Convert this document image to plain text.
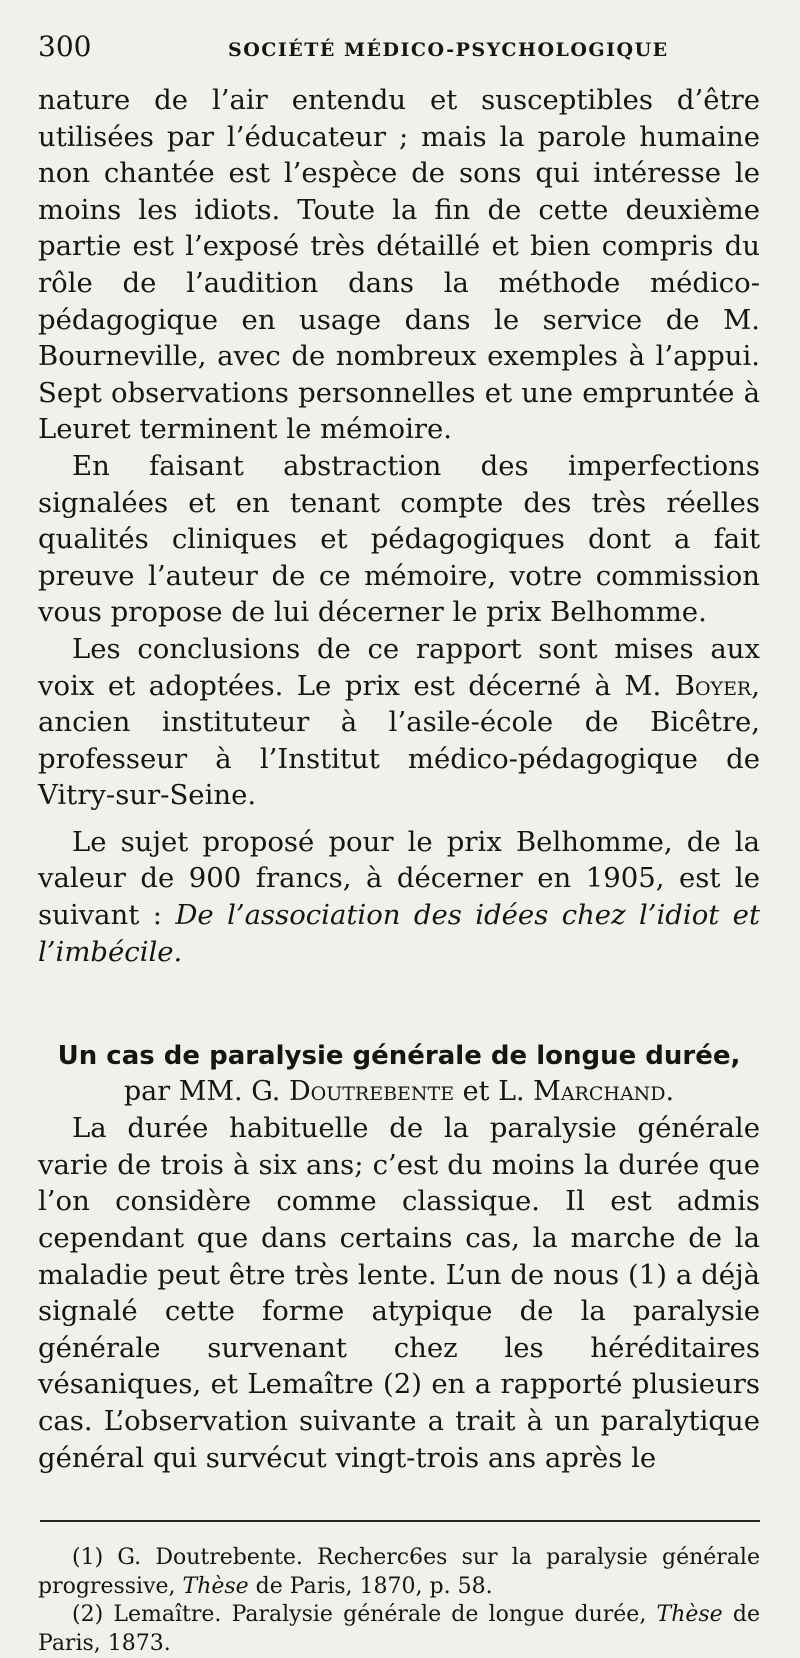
300	SOCIÉTÉ MÉDICO-PSYCHOLOGIQUE

nature de l’air entendu et susceptibles d’être utilisées par l’éducateur ; mais la parole humaine non chantée est l’espèce de sons qui intéresse le moins les idiots. Toute la fin de cette deuxième partie est l’exposé très détaillé et bien compris du rôle de l’audition dans la méthode médico-pédagogique en usage dans le service de M. Bourneville, avec de nombreux exemples à l’appui. Sept observations personnelles et une empruntée à Leuret terminent le mémoire.

En faisant abstraction des imperfections signalées et en tenant compte des très réelles qualités cliniques et pédagogiques dont a fait preuve l’auteur de ce mémoire, votre commission vous propose de lui décerner le prix Belhomme.

Les conclusions de ce rapport sont mises aux voix et adoptées. Le prix est décerné à M. Boyer, ancien instituteur à l’asile-école de Bicêtre, professeur à l’Institut médico-pédagogique de Vitry-sur-Seine.

Le sujet proposé pour le prix Belhomme, de la valeur de 900 francs, à décerner en 1905, est le suivant : De l’association des idées chez l’idiot et l’imbécile.

Un cas de paralysie générale de longue durée,

par MM. G. Doutrebente et L. Marchand.

La durée habituelle de la paralysie générale varie de trois à six ans; c’est du moins la durée que l’on considère comme classique. Il est admis cependant que dans certains cas, la marche de la maladie peut être très lente. L’un de nous (1) a déjà signalé cette forme atypique de la paralysie générale survenant chez les héréditaires vésaniques, et Lemaître (2) en a rapporté plusieurs cas. L’observation suivante a trait à un paralytique général qui survécut vingt-trois ans après le

(1) G. Doutrebente. Recherc6es sur la paralysie générale progressive, Thèse de Paris, 1870, p. 58.

(2) Lemaître. Paralysie générale de longue durée, Thèse de Paris, 1873.
